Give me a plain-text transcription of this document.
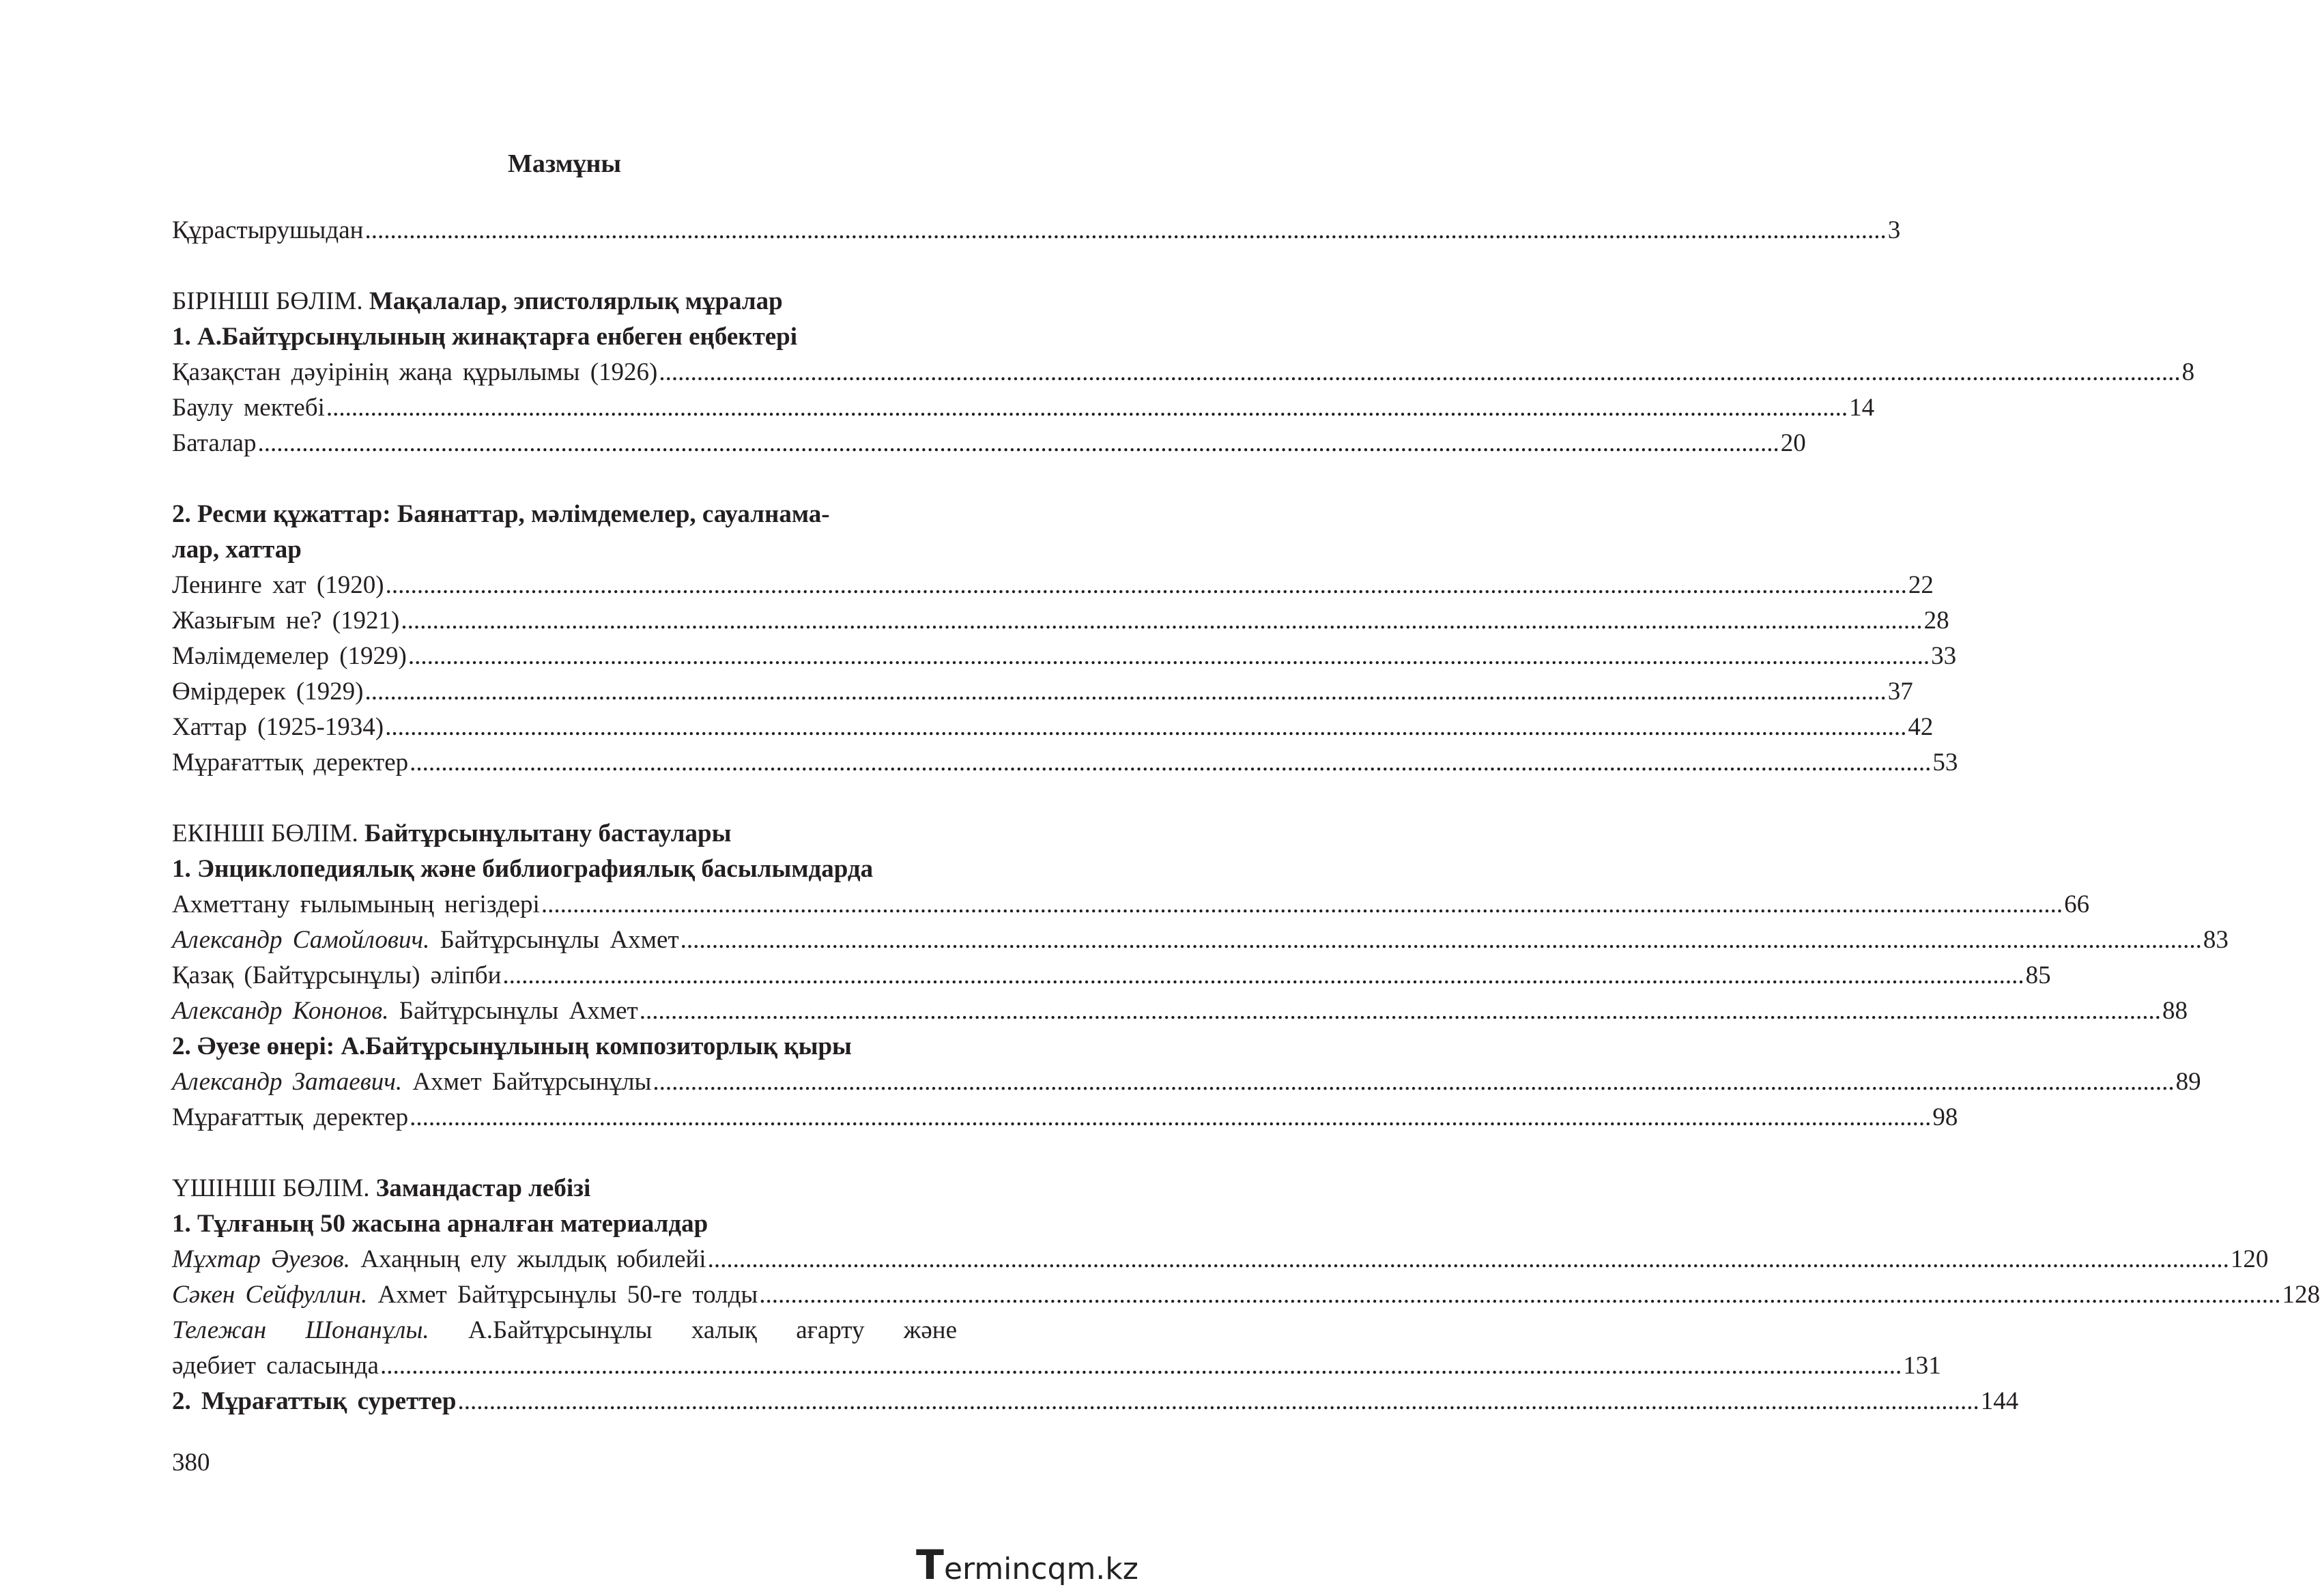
Мазмұны
Құрастырушыдан .....	3
БІРІНШІ БӨЛІМ. Мақалалар, эпистолярлық мұралар
1. А.Байтұрсынұлының жинақтарға енбеген еңбектері
Қазақстан дәуірінің жаңа құрылымы (1926) .....	8
Баулу мектебі .....	14
Баталар .....	20
2. Ресми құжаттар: Баянаттар, мәлімдемелер, сауалнама-
лар, хаттар
Ленинге хат (1920) .....	22
Жазығым не? (1921) .....	28
Мәлімдемелер (1929) .....	33
Өмірдерек (1929) .....	37
Хаттар (1925-1934) .....	42
Мұрағаттық деректер .....	53
ЕКІНШІ БӨЛІМ. Байтұрсынұлытану бастаулары
1. Энциклопедиялық және библиографиялық басылымдарда
Ахметтану ғылымының негіздері .....	66
Александр Самойлович. Байтұрсынұлы Ахмет .....	83
Қазақ (Байтұрсынұлы) әліпби .....	85
Александр Кононов. Байтұрсынұлы Ахмет .....	88
2. Әуезе өнері: А.Байтұрсынұлының композиторлық қыры
Александр Затаевич. Ахмет Байтұрсынұлы .....	89
Мұрағаттық деректер .....	98
ҮШІНШІ БӨЛІМ. Замандастар лебізі
1. Тұлғаның 50 жасына арналған материалдар
Мұхтар Әуезов. Ахаңның елу жылдық юбилейі .....	120
Сәкен Сейфуллин. Ахмет Байтұрсынұлы 50-ге толды .....	128
Тележан Шонанұлы. А.Байтұрсынұлы халық ағарту және
әдебиет саласында .....	131
2. Мұрағаттық суреттер .....	144
380
T erminc q m.kz
